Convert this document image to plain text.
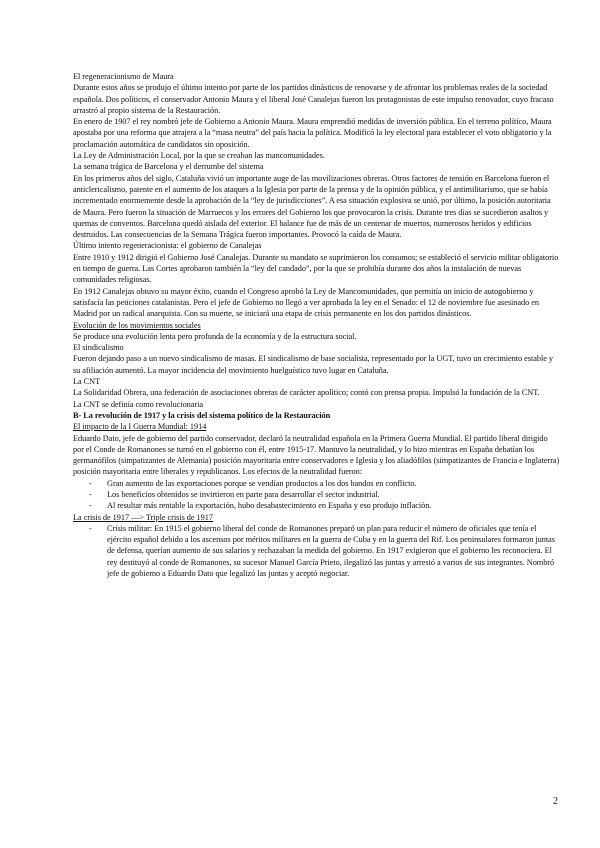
El regeneracionismo de Maura

Durante estos años se produjo el último intento por parte de los partidos dinásticos de renovarse y de afrontar los problemas reales de la sociedad española. Dos políticos, el conservador Antonio Maura y el liberal José Canalejas fueron los protagonistas de este impulso renovador, cuyo fracaso arrastró al propio sistema de la Restauración.

En enero de 1907 el rey nombró jefe de Gobierno a Antonio Maura. Maura emprendió medidas de inversión pública. En el terreno político, Maura apostaba por una reforma que atrajera a la “masa neutra” del país hacia la política. Modificó la ley electoral para establecer el voto obligatorio y la proclamación automática de candidatos sin oposición.

La Ley de Administración Local, por la que se creaban las mancomunidades.

La semana trágica de Barcelona y el derrumbe del sistema

En los primeros años del siglo, Cataluña vivió un importante auge de las movilizaciones obreras. Otros factores de tensión en Barcelona fueron el anticlericalismo, patente en el aumento de los ataques a la Iglesia por parte de la prensa y de la opinión pública, y el antimilitarismo, que se había incrementado enormemente desde la aprobación de la “ley de jurisdicciones”. A esa situación explosiva se unió, por último, la posición autoritaria de Maura. Pero fueron la situación de Marruecos y los errores del Gobierno los que provocaron la crisis. Durante tres días se sucedieron asaltos y quemas de conventos. Barcelona quedó aislada del exterior. El balance fue de más de un centenar de muertos, numerosos heridos y edificios destruidos. Las consecuencias de la Semana Trágica fueron importantes. Provocó la caída de Maura.

Último intento regeneracionista: el gobierno de Canalejas

Entre 1910 y 1912 dirigió el Gobierno José Canalejas. Durante su mandato se suprimieron los consumos; se estableció el servicio militar obligatorio en tiempo de guerra. Las Cortes aprobaron también la “ley del candado”, por la que se prohibía durante dos años la instalación de nuevas comunidades religiosas.

En 1912 Canalejas obtuvo su mayor éxito, cuando el Congreso aprobó la Ley de Mancomunidades, que permitía un inicio de autogobierno y satisfacía las peticiones catalanistas. Pero el jefe de Gobierno no llegó a ver aprobada la ley en el Senado: el 12 de noviembre fue asesinado en Madrid por un radical anarquista. Con su muerte, se iniciará una etapa de crisis permanente en los dos partidos dinásticos.

Evolución de los movimientos sociales

Se produce una evolución lenta pero profunda de la economía y de la estructura social.

El sindicalismo

Fueron dejando paso a un nuevo sindicalismo de masas. El sindicalismo de base socialista, representado por la UGT, tuvo un crecimiento estable y su afiliación aumentó. La mayor incidencia del movimiento huelguístico tuvo lugar en Cataluña.

La CNT

La Solidaridad Obrera, una federación de asociaciones obreras de carácter apolítico; contó con prensa propia. Impulsó la fundación de la CNT.

La CNT se definía como revolucionaria

B- La revolución de 1917 y la crisis del sistema político de la Restauración

El impacto de la I Guerra Mundial: 1914

Eduardo Dato, jefe de gobierno del partido conservador, declaró la neutralidad española en la Primera Guerra Mundial. El partido liberal dirigido por el Conde de Romanones se turnó en el gobierno con él, entre 1915-17. Mantuvo la neutralidad, y lo hizo mientras en España debatían los germanófilos (simpatizantes de Alemania) posición mayoritaria entre conservadores e Iglesia y los aliadófilos (simpatizantes de Francia e Inglaterra) posición mayoritaria entre liberales y republicanos. Los efectos de la neutralidad fueron:

- Gran aumento de las exportaciones porque se vendían productos a los dos bandos en conflicto.
- Los beneficios obtenidos se invirtieron en parte para desarrollar el sector industrial.
- Al resultar más rentable la exportación, hubo desabastecimiento en España y eso produjo inflación.

La crisis de 1917 —> Triple crisis de 1917

- Crisis militar: En 1915 el gobierno liberal del conde de Romanones preparó un plan para reducir el número de oficiales que tenía el ejército español debido a los ascensos por méritos militares en la guerra de Cuba y en la guerra del Rif. Los peninsulares formaron juntas de defensa, querían aumento de sus salarios y rechazaban la medida del gobierno. En 1917 exigieron que el gobierno les reconociera. El rey destituyó al conde de Romanones, su sucesor Manuel García Prieto, ilegalizó las juntas y arrestó a varios de sus integrantes. Nombró jefe de gobierno a Eduardo Dato que legalizó las juntas y aceptó negociar.
2
